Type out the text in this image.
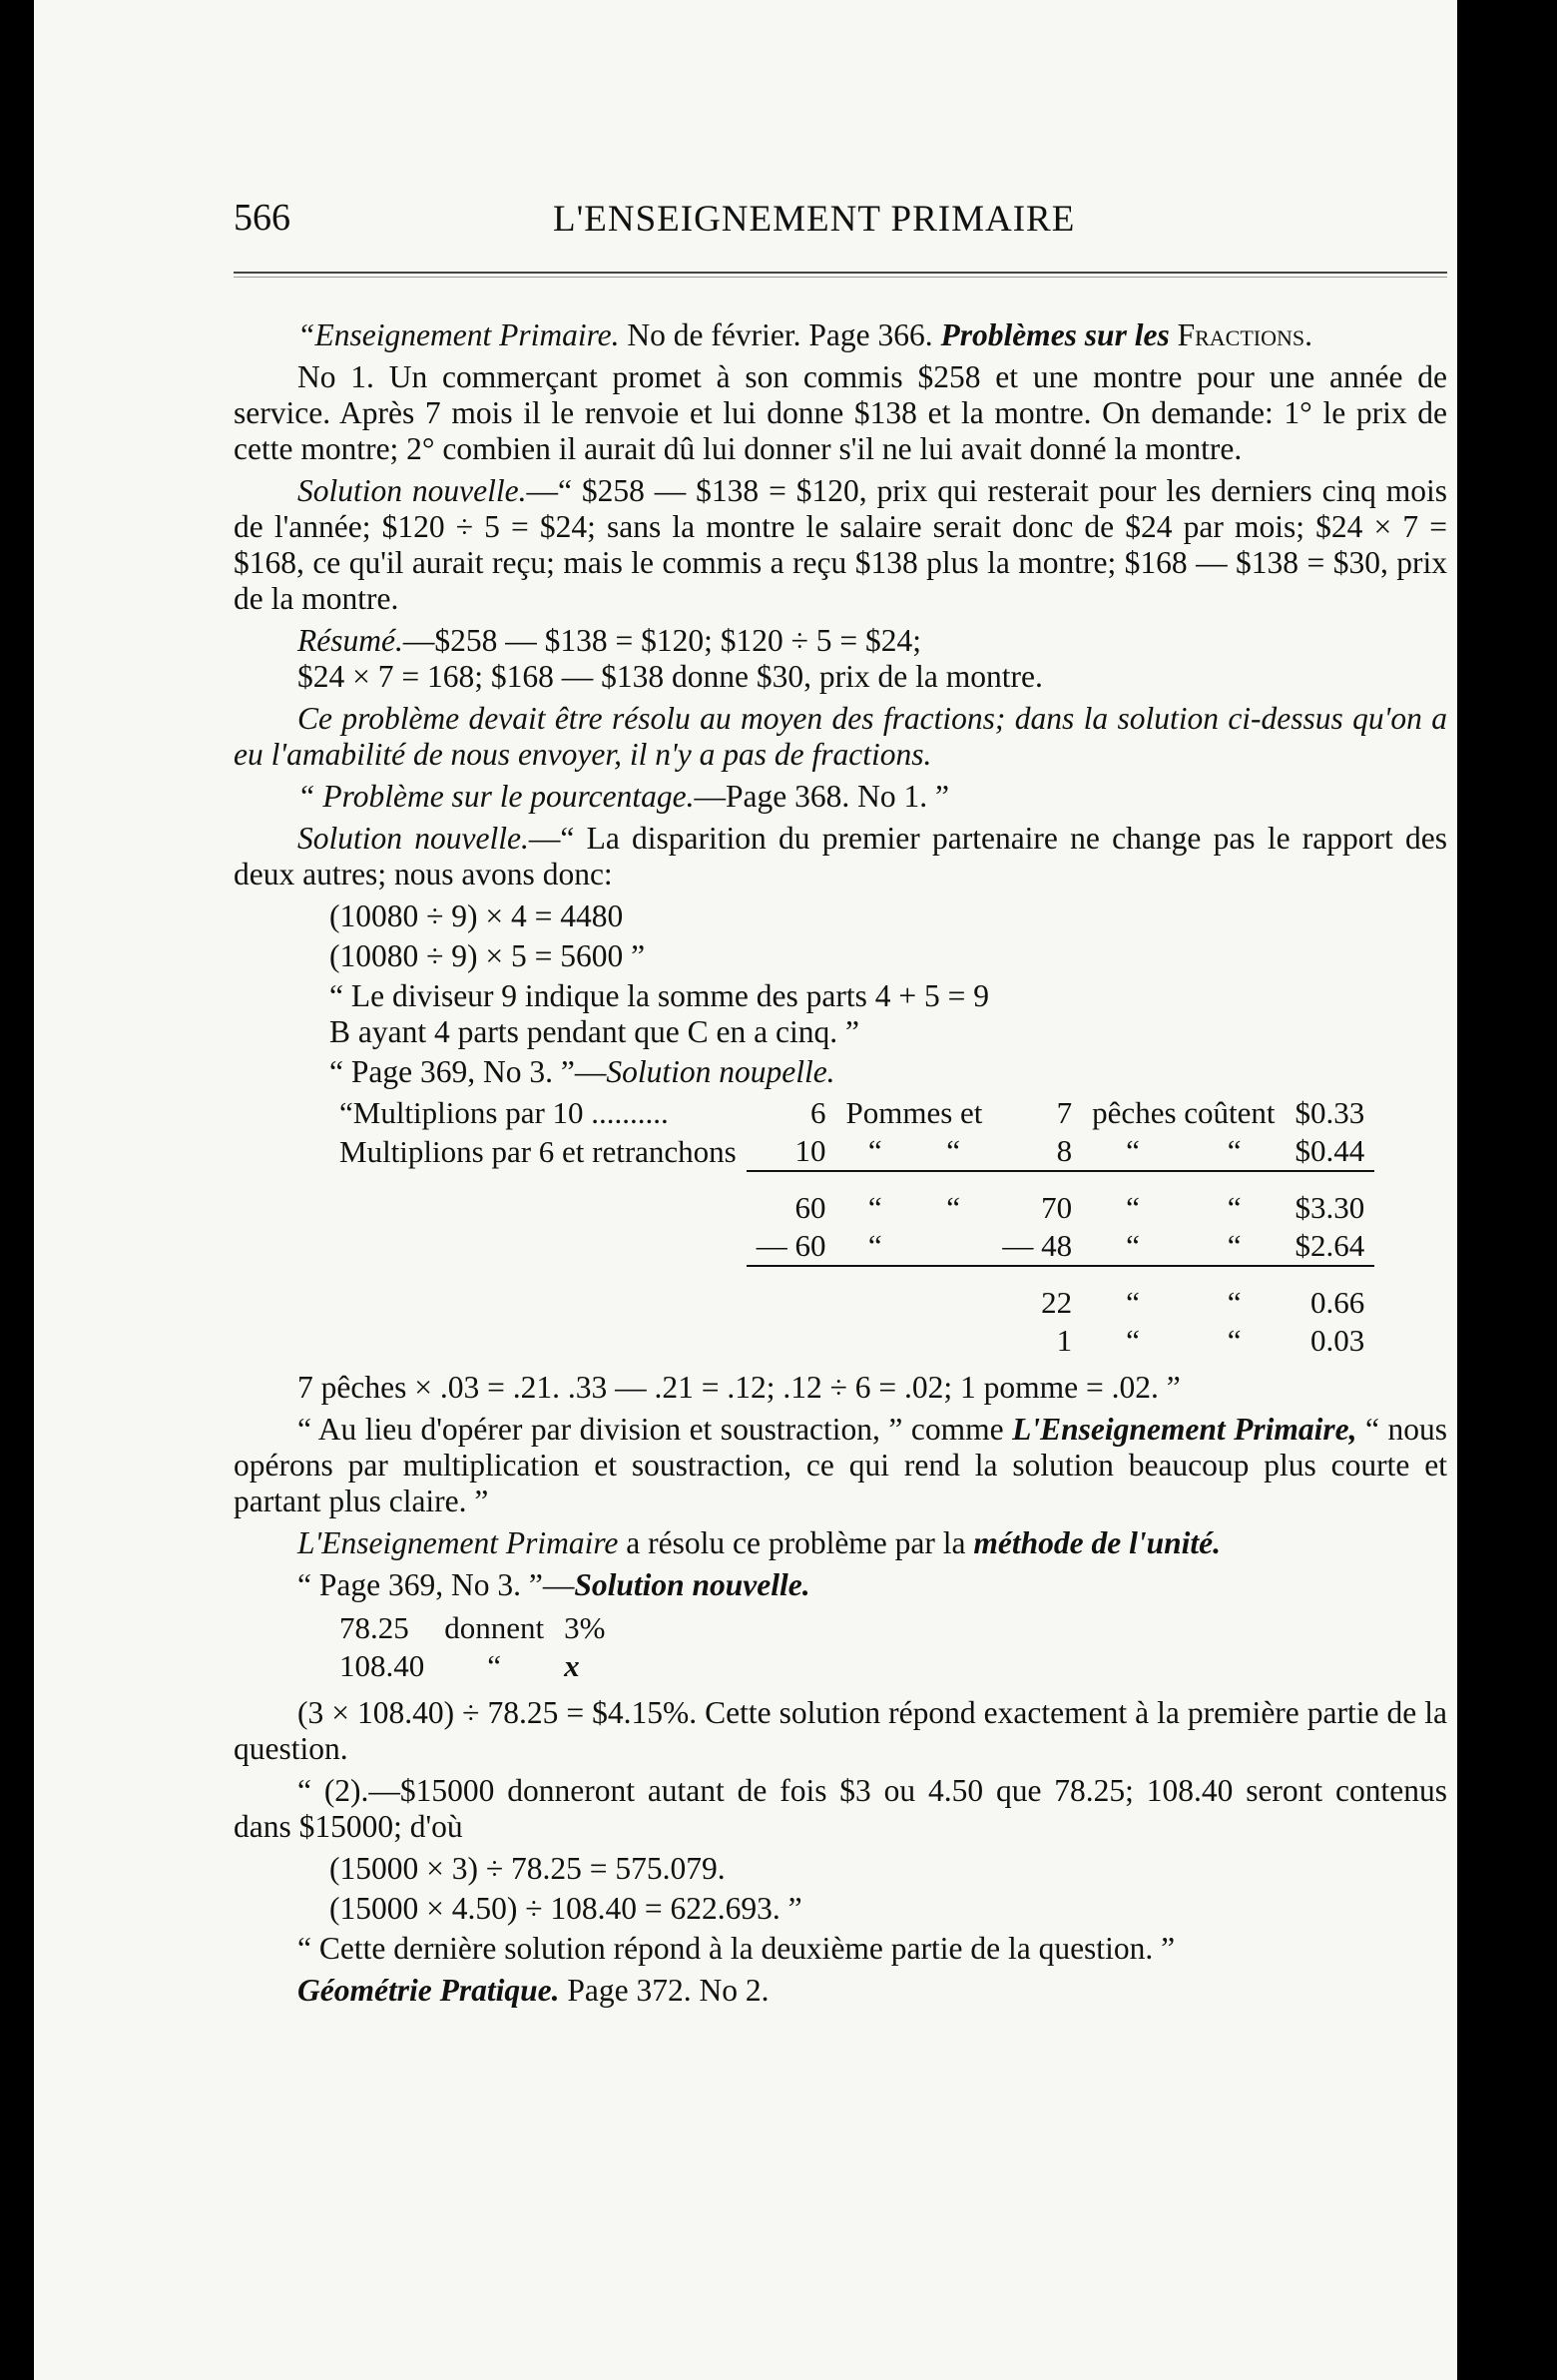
566	L'ENSEIGNEMENT PRIMAIRE

“Enseignement Primaire. No de février. Page 366. Problèmes sur les Fractions.

No 1. Un commerçant promet à son commis $258 et une montre pour une année de service. Après 7 mois il le renvoie et lui donne $138 et la montre. On demande: 1° le prix de cette montre; 2° combien il aurait dû lui donner s'il ne lui avait donné la montre.

Solution nouvelle.—“ $258 — $138 = $120, prix qui resterait pour les derniers cinq mois de l'année; $120 ÷ 5 = $24; sans la montre le salaire serait donc de $24 par mois; $24 × 7 = $168, ce qu'il aurait reçu; mais le commis a reçu $138 plus la montre; $168 — $138 = $30, prix de la montre.

Résumé.—$258 — $138 = $120; $120 ÷ 5 = $24;
$24 × 7 = 168; $168 — $138 donne $30, prix de la montre.

Ce problème devait être résolu au moyen des fractions; dans la solution ci-dessus qu'on a eu l'amabilité de nous envoyer, il n'y a pas de fractions.

“ Problème sur le pourcentage.—Page 368. No 1. ”

Solution nouvelle.—“ La disparition du premier partenaire ne change pas le rapport des deux autres; nous avons donc:

(10080 ÷ 9) × 4 = 4480

(10080 ÷ 9) × 5 = 5600 ”

“ Le diviseur 9 indique la somme des parts 4 + 5 = 9
B ayant 4 parts pendant que C en a cinq. ”

“ Page 369, No 3. ”—Solution noupelle.

“Multiplions par 10 ..........	6	Pommes et		7	pêches coûtent		$0.33
Multiplions par 6 et retranchons	10	“	“	8	“	“	$0.44
	60	“	“	70	“	“	$3.30
	— 60	“		— 48	“	“	$2.64
				22	“	“	0.66
				1	“	“	0.03

7 pêches × .03 = .21. .33 — .21 = .12; .12 ÷ 6 = .02; 1 pomme = .02. ”

“ Au lieu d'opérer par division et soustraction, ” comme L'Enseignement Primaire, “ nous opérons par multiplication et soustraction, ce qui rend la solution beaucoup plus courte et partant plus claire. ”

L'Enseignement Primaire a résolu ce problème par la méthode de l'unité.

“ Page 369, No 3. ”—Solution nouvelle.

78.25	donnent	3%
108.40	“	x

(3 × 108.40) ÷ 78.25 = $4.15%. Cette solution répond exactement à la première partie de la question.

“ (2).—$15000 donneront autant de fois $3 ou 4.50 que 78.25; 108.40 seront contenus dans $15000; d'où

(15000 × 3) ÷ 78.25 = 575.079.

(15000 × 4.50) ÷ 108.40 = 622.693. ”

“ Cette dernière solution répond à la deuxième partie de la question. ”

Géométrie Pratique. Page 372. No 2.
